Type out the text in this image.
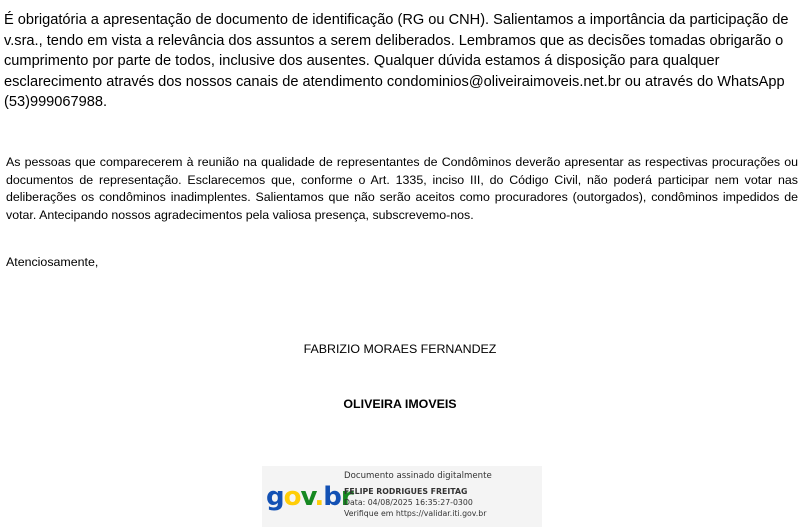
É obrigatória a apresentação de documento de identificação (RG ou CNH). Salientamos a importância da participação de v.sra., tendo em vista a relevância dos assuntos a serem deliberados. Lembramos que as decisões tomadas obrigarão o cumprimento por parte de todos, inclusive dos ausentes. Qualquer dúvida estamos á disposição para qualquer esclarecimento através dos nossos canais de atendimento condominios@oliveiraimoveis.net.br ou através do WhatsApp (53)999067988.

As pessoas que comparecerem à reunião na qualidade de representantes de Condôminos deverão apresentar as respectivas procurações ou documentos de representação. Esclarecemos que, conforme o Art. 1335, inciso III, do Código Civil, não poderá participar nem votar nas deliberações os condôminos inadimplentes. Salientamos que não serão aceitos como procuradores (outorgados), condôminos impedidos de votar. Antecipando nossos agradecimentos pela valiosa presença, subscrevemo-nos.

Atenciosamente,

FABRIZIO MORAES FERNANDEZ

OLIVEIRA IMOVEIS

gov.br

Documento assinado digitalmente

FELIPE RODRIGUES FREITAG

Data: 04/08/2025 16:35:27-0300

Verifique em https://validar.iti.gov.br
